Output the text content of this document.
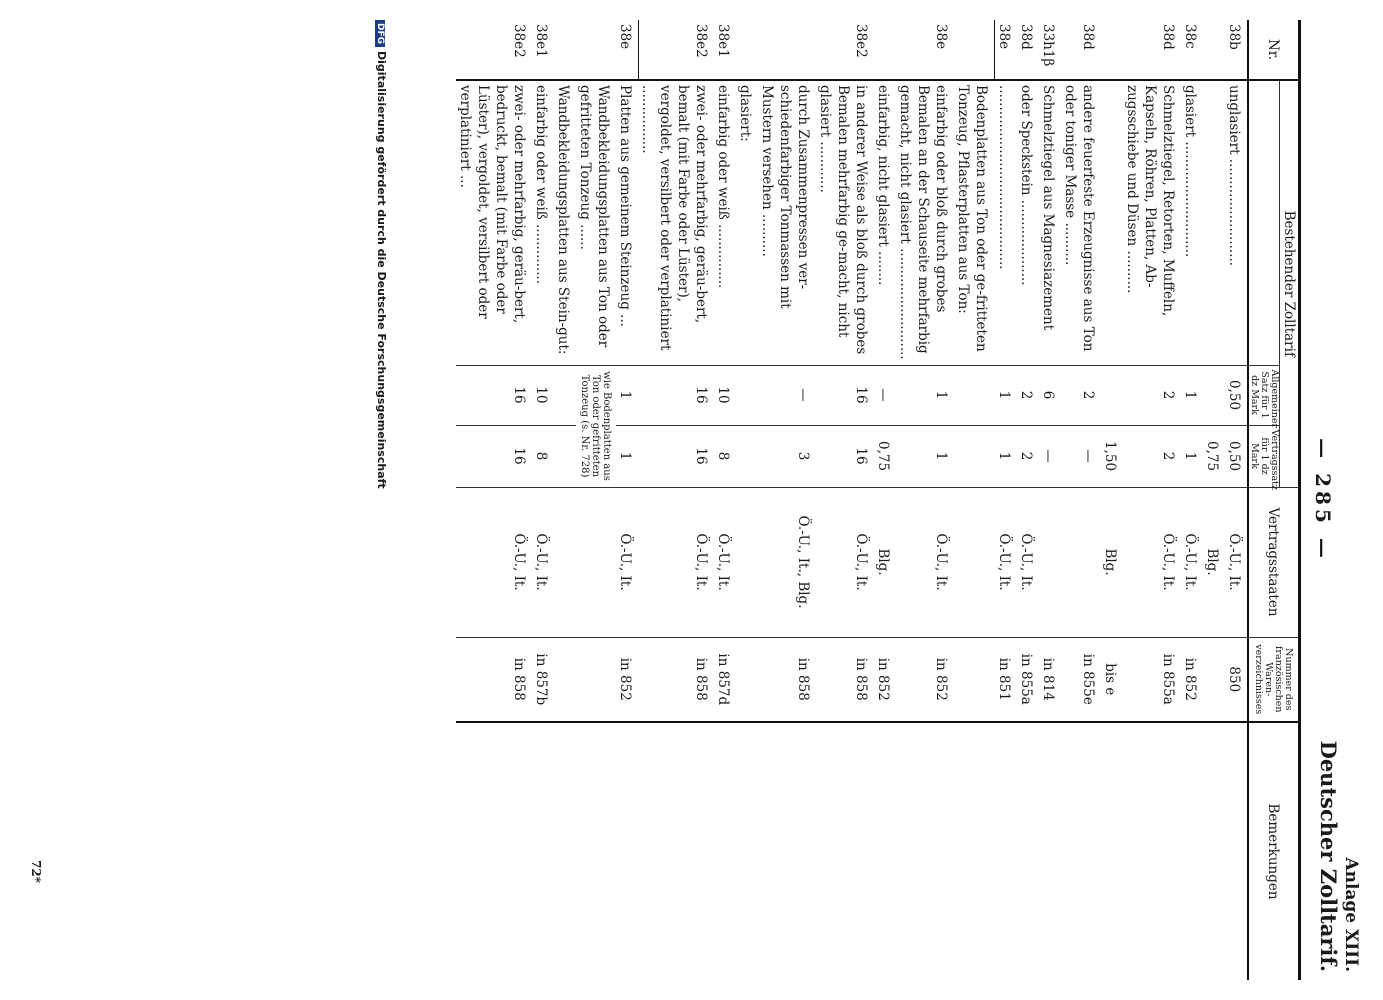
— 285 —
Anlage XIII.
Deutscher Zolltarif.
Nr.	Bestehender Zolltarif			Vertragsstaaten	Nummer des französischen Waren-verzeichnisses	Bemerkungen
		Allgemeiner Satz für 1 dz Mark	Vertragssatz für 1 dz Mark			
38b	unglasiert .........................	0,50	0,50	Ö.-U., It.	850	
			0,75	Blg.		
38c	glasiert ...........................	1	1	Ö.-U., It.	in 852	
38d	Schmelztiegel, Retorten, Muffeln, Kapseln, Röhren, Platten, Ab-zugsschiebe und Düsen ..........	2	2	Ö.-U., It.	in 855a	
			1,50	Blg.	bis e	
38d	andere feuerfeste Erzeugnisse aus Ton oder toniger Masse ..........	2	—		in 855e	
33h1β	Schmelztiegel aus Magnesiazement	6	—		in 814	
38d	oder Speckstein ....................	2	2	Ö.-U., It.	in 855a	
38e	...........................................	1	1	Ö.-U., It.	in 851	
	Bodenplatten aus Ton oder ge-fritteten Tonzeug, Pflasterplatten aus Ton:					
38e	einfarbig oder bloß durch grobes Bemalen an der Schauseite mehrfarbig gemacht, nicht glasiert ..........................	1	1	Ö.-U., It.	in 852	
	einfarbig, nicht glasiert ........	—	0,75	Blg.	in 852	
38e2	in anderer Weise als bloß durch grobes Bemalen mehrfarbig ge-macht, nicht glasiert ............	16	16	Ö.-U., It.	in 858	
	durch Zusammenpressen ver-schiedenfarbiger Tonmassen mit Mustern versehen ..........	—	3	Ö.-U., It., Blg.	in 858	
	glasiert:					
38e1	einfarbig oder weiß ...............	10	8	Ö.-U., It.	in 857d	
38e2	zwei- oder mehrfarbig, geräu-bert, bemalt (mit Farbe oder Lüster), vergoldet, versilbert oder verplatiniert ................	16	16	Ö.-U., It.	in 858	
38e	Platten aus gemeinem Steinzeug ...	1	1	Ö.-U., It.	in 852	
	Wandbekleidungsplatten aus Ton oder gefritteten Tonzeug ......	wie Bodenplatten aus Ton oder gefritteten Tonzeug (s. Nr. 728)				
	Wandbekleidungsplatten aus Stein-gut:					
38e1	einfarbig oder weiß ..............	10	8	Ö.-U., It.	in 857b	
38e2	zwei- oder mehrfarbig, geräu-bert, bedruckt, bemalt (mit Farbe oder Lüster), vergoldet, versilbert oder verplatiniert ...	16	16	Ö.-U., It.	in 858	
DFGDigitalisierung gefördert durch die Deutsche Forschungsgemeinschaft
72*
